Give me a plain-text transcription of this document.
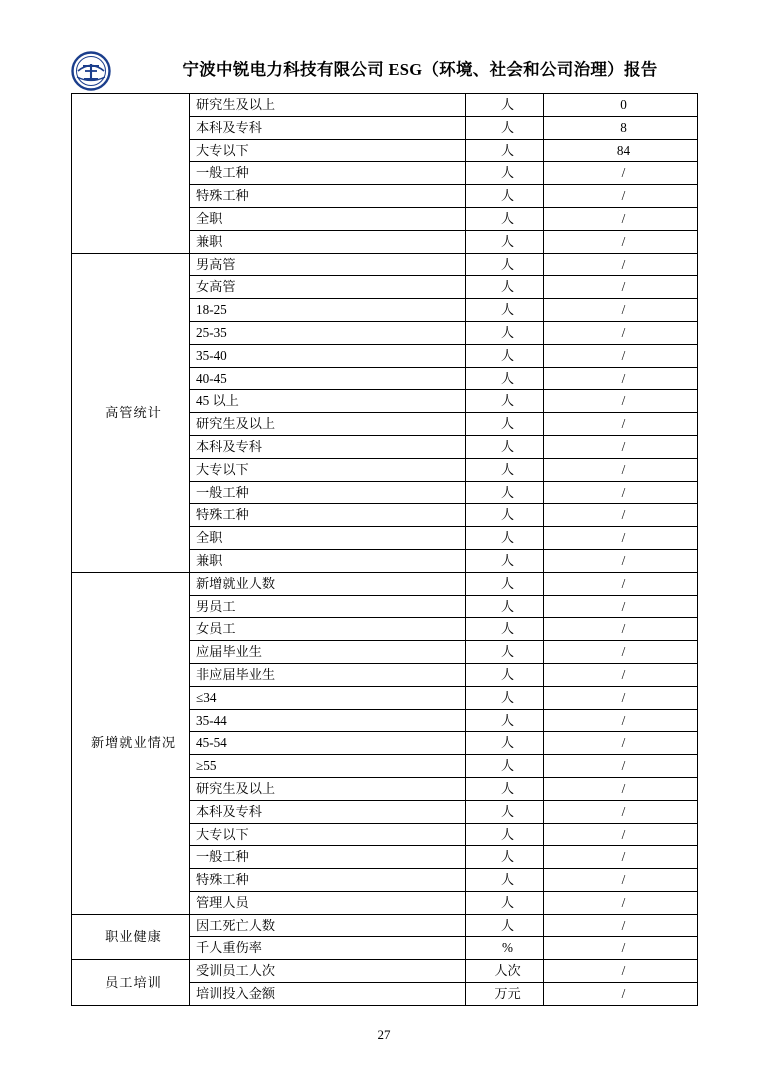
宁波中锐电力科技有限公司 ESG（环境、社会和公司治理）报告
	研究生及以上	人	0
	本科及专科	人	8
	大专以下	人	84
	一般工种	人	/
	特殊工种	人	/
	全职	人	/
	兼职	人	/
高管统计	男高管	人	/
	女高管	人	/
	18-25	人	/
	25-35	人	/
	35-40	人	/
	40-45	人	/
	45 以上	人	/
	研究生及以上	人	/
	本科及专科	人	/
	大专以下	人	/
	一般工种	人	/
	特殊工种	人	/
	全职	人	/
	兼职	人	/
新增就业情况	新增就业人数	人	/
	男员工	人	/
	女员工	人	/
	应届毕业生	人	/
	非应届毕业生	人	/
	≤34	人	/
	35-44	人	/
	45-54	人	/
	≥55	人	/
	研究生及以上	人	/
	本科及专科	人	/
	大专以下	人	/
	一般工种	人	/
	特殊工种	人	/
	管理人员	人	/
职业健康	因工死亡人数	人	/
	千人重伤率	%	/
员工培训	受训员工人次	人次	/
	培训投入金额	万元	/
27
